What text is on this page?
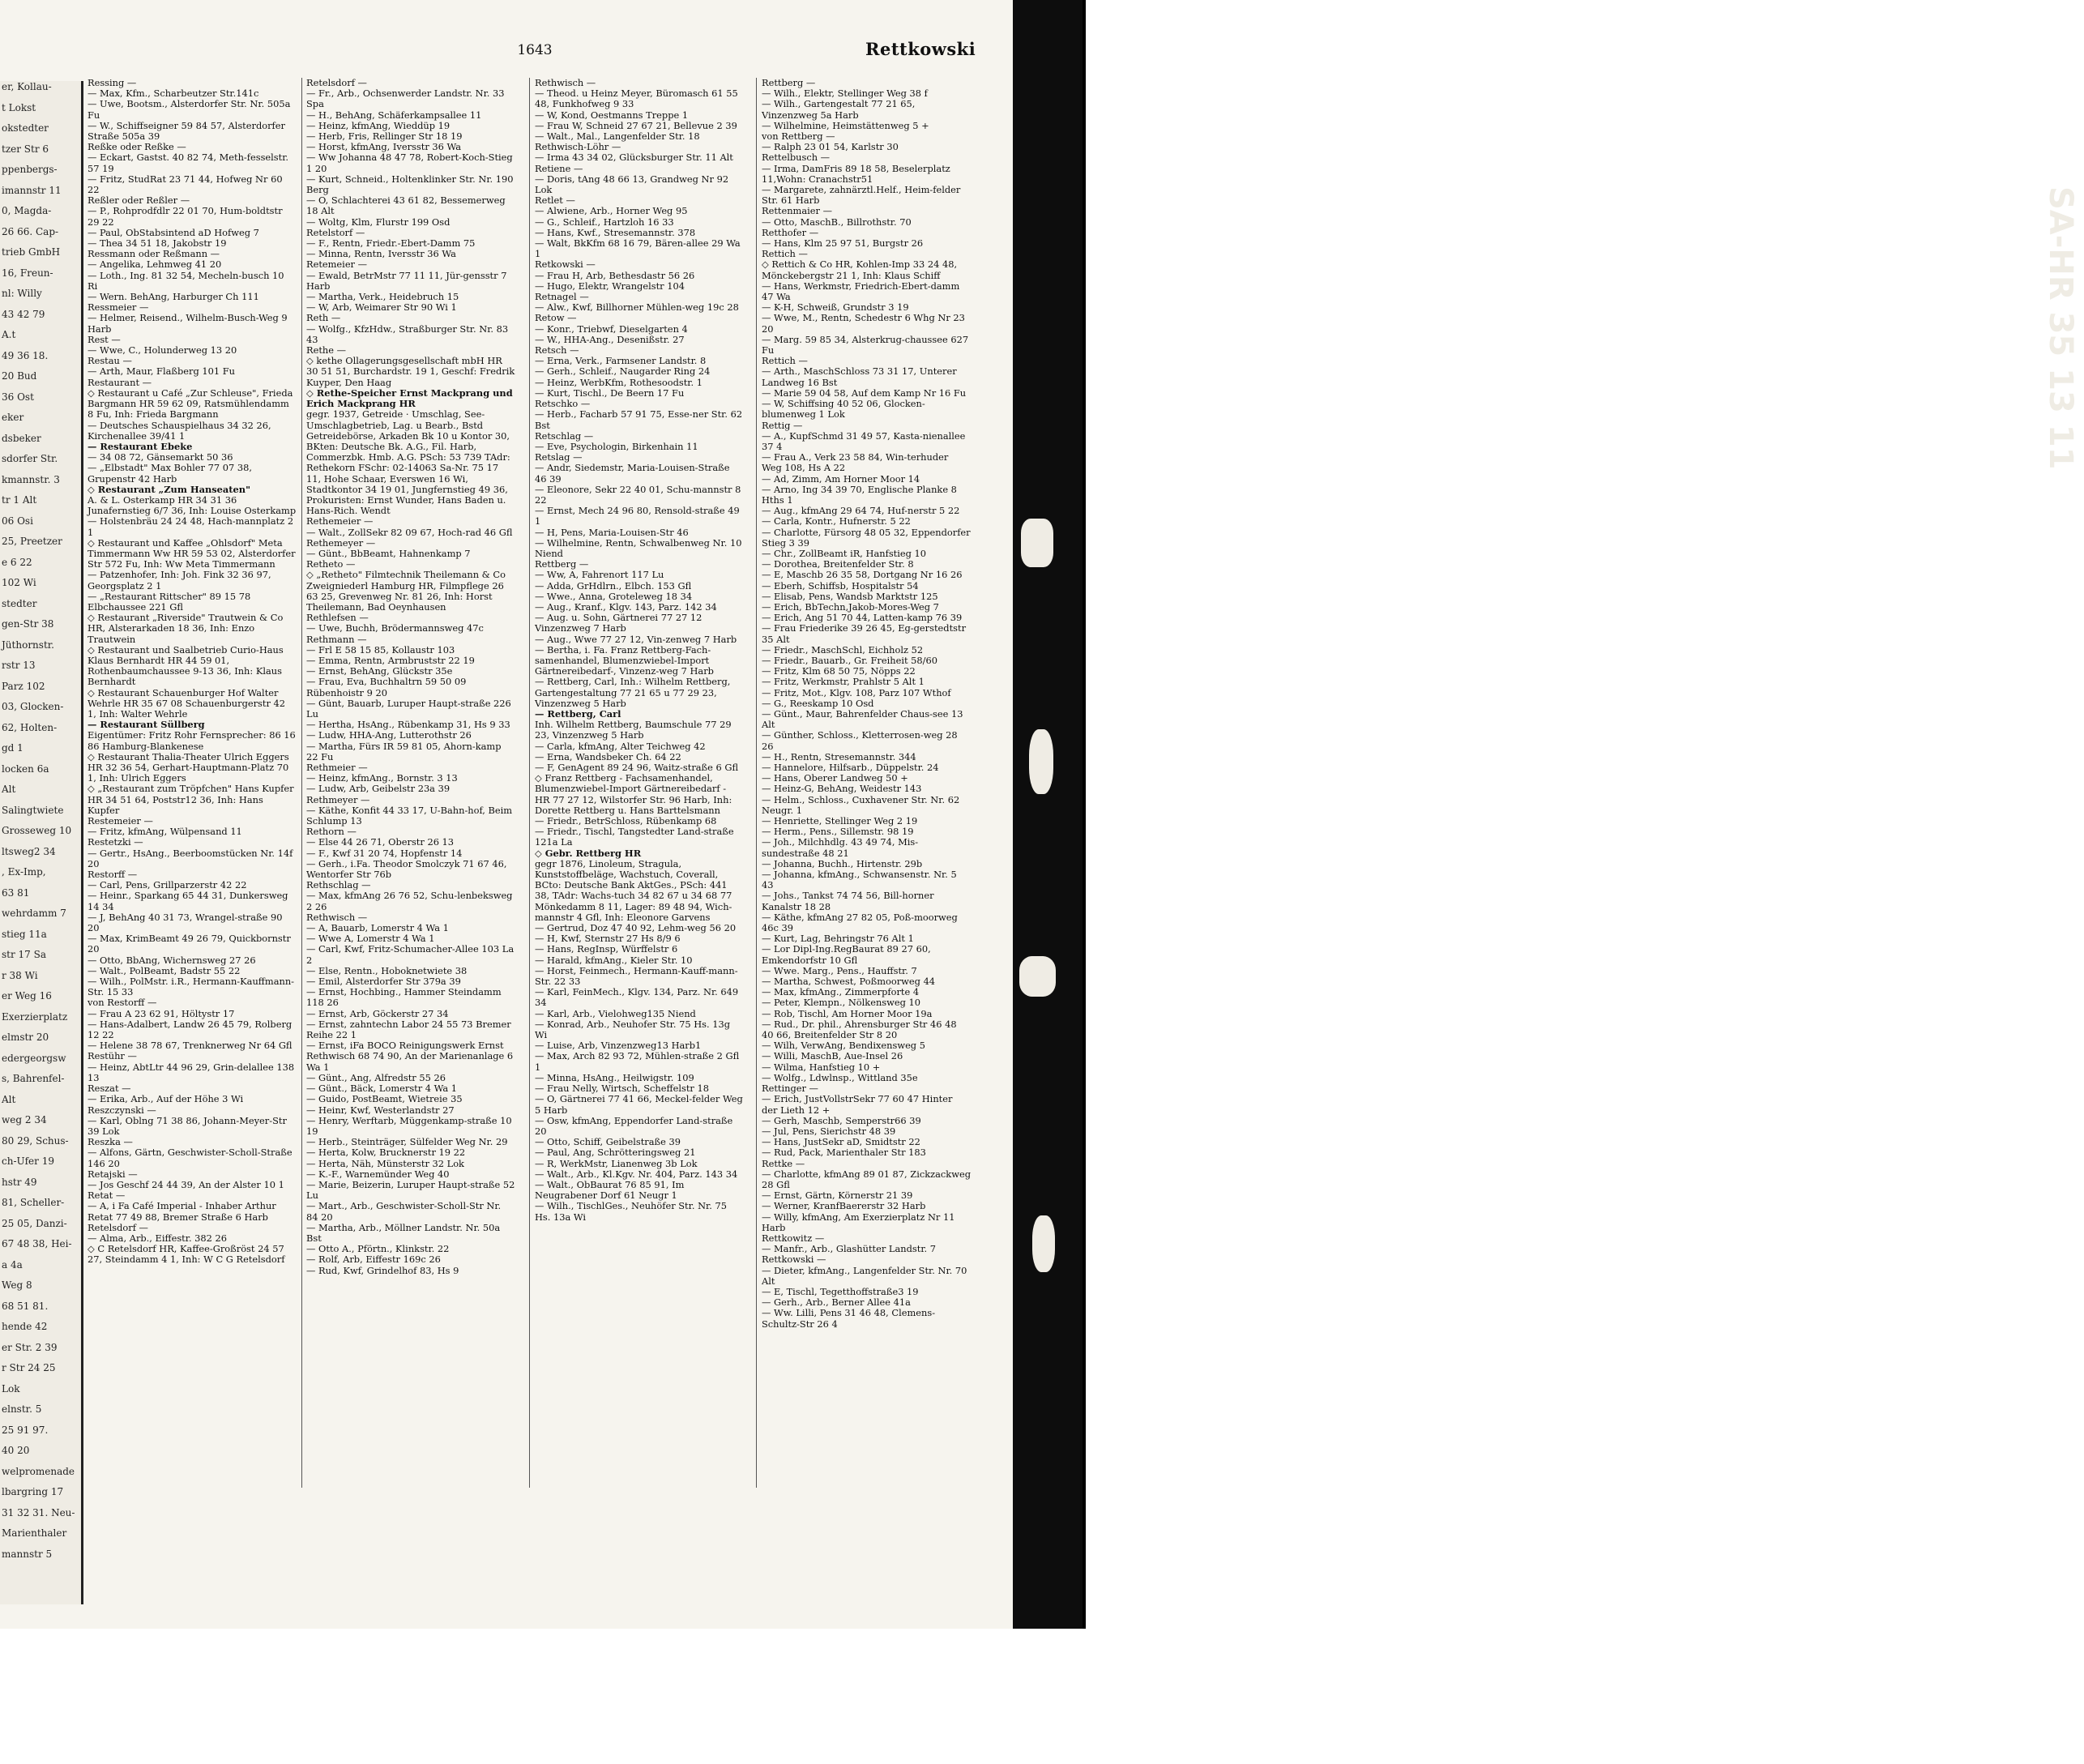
er, Kollau-
t Lokst
okstedter
tzer Str 6
ppenbergs-
imannstr 11
0, Magda-
26 66. Cap-
trieb GmbH
16, Freun-
nl: Willy
43 42 79
A.t
49 36 18.
20 Bud
36 Ost
eker
dsbeker
sdorfer Str.
kmannstr. 3
tr 1 Alt
06 Osi
25, Preetzer
e 6 22
102 Wi
stedter
gen-Str 38
Jüthornstr.
rstr 13
Parz 102
03, Glocken-
62, Holten-
gd 1
locken 6a
Alt
Salingtwiete
Grosseweg 10
ltsweg2 34
, Ex-Imp,
63 81
wehrdamm 7
stieg 11a
str 17 Sa
r 38 Wi
er Weg 16
Exerzierplatz
elmstr 20
edergeorgsw
s, Bahrenfel-
Alt
weg 2 34
80 29, Schus-
ch-Ufer 19
hstr 49
81, Scheller-
25 05, Danzi-
67 48 38, Hei-
a 4a
Weg 8
68 51 81.
hende 42
er Str. 2 39
r Str 24 25
Lok
elnstr. 5
25 91 97.
40 20
welpromenade
lbargring 17
31 32 31. Neu-
Marienthaler
mannstr 5
1643	Rettkowski

Ressing —
— Max, Kfm., Scharbeutzer Str.141c

— Uwe, Bootsm., Alsterdorfer Str. Nr. 505a Fu

— W., Schiffseigner 59 84 57, Alsterdorfer Straße 505a 39

Reßke oder Reßke —
— Eckart, Gastst. 40 82 74, Meth-fesselstr. 57 19

— Fritz, StudRat 23 71 44, Hofweg Nr 60 22

Reßler oder Reßler —
— P., Rohprodfdlr 22 01 70, Hum-boldtstr 29 22

— Paul, ObStabsintend aD Hofweg 7

— Thea 34 51 18, Jakobstr 19

Ressmann oder Reßmann —
— Angelika, Lehmweg 41 20

— Loth., Ing. 81 32 54, Mecheln-busch 10 Ri

— Wern. BehAng, Harburger Ch 111

Ressmeier —
— Helmer, Reisend., Wilhelm-Busch-Weg 9 Harb

Rest —
— Wwe, C., Holunderweg 13 20

Restau —
— Arth, Maur, Flaßberg 101 Fu

Restaurant —
◇ Restaurant u Café „Zur Schleuse", Frieda Bargmann HR 59 62 09, Ratsmühlendamm 8 Fu, Inh: Frieda Bargmann

— Deutsches Schauspielhaus 34 32 26, Kirchenallee 39/41 1

— Restaurant Ebeke

— 34 08 72, Gänsemarkt 50 36

— „Elbstadt" Max Bohler 77 07 38, Grupenstr 42 Harb

◇ Restaurant „Zum Hanseaten"

A. & L. Osterkamp HR 34 31 36 Junafernstieg 6/7 36, Inh: Louise Osterkamp

— Holstenbräu 24 24 48, Hach-mannplatz 2 1

◇ Restaurant und Kaffee „Ohlsdorf" Meta Timmermann Ww HR 59 53 02, Alsterdorfer Str 572 Fu, Inh: Ww Meta Timmermann

— Patzenhofer, Inh: Joh. Fink 32 36 97, Georgsplatz 2 1

— „Restaurant Rittscher" 89 15 78 Elbchaussee 221 Gfl

◇ Restaurant „Riverside" Trautwein & Co HR, Alsterarkaden 18 36, Inh: Enzo Trautwein

◇ Restaurant und Saalbetrieb Curio-Haus Klaus Bernhardt HR 44 59 01, Rothenbaumchaussee 9-13 36, Inh: Klaus Bernhardt

◇ Restaurant Schauenburger Hof Walter Wehrle HR 35 67 08 Schauenburgerstr 42 1, Inh: Walter Wehrle

— Restaurant Süllberg

Eigentümer: Fritz Rohr Fernsprecher: 86 16 86 Hamburg-Blankenese

◇ Restaurant Thalia-Theater Ulrich Eggers HR 32 36 54, Gerhart-Hauptmann-Platz 70 1, Inh: Ulrich Eggers

◇ „Restaurant zum Tröpfchen" Hans Kupfer HR 34 51 64, Poststr12 36, Inh: Hans Kupfer

Restemeier —
— Fritz, kfmAng, Wülpensand 11

Restetzki —
— Gertr., HsAng., Beerboomstücken Nr. 14f 20

Restorff —
— Carl, Pens, Grillparzerstr 42 22

— Heinr., Sparkang 65 44 31, Dunkersweg 14 34

— J, BehAng 40 31 73, Wrangel-straße 90 20

— Max, KrimBeamt 49 26 79, Quickbornstr 20

— Otto, BbAng, Wichernsweg 27 26

— Walt., PolBeamt, Badstr 55 22

— Wilh., PolMstr. i.R., Hermann-Kauffmann-Str. 15 33

von Restorff —
— Frau A 23 62 91, Höltystr 17

— Hans-Adalbert, Landw 26 45 79, Rolberg 12 22

— Helene 38 78 67, Trenknerweg Nr 64 Gfl

Restühr —
— Heinz, AbtLtr 44 96 29, Grin-delallee 138 13

Reszat —
— Erika, Arb., Auf der Höhe 3 Wi

Reszczynski —
— Karl, Oblng 71 38 86, Johann-Meyer-Str 39 Lok

Reszka —
— Alfons, Gärtn, Geschwister-Scholl-Straße 146 20

Retajski —
— Jos Geschf 24 44 39, An der Alster 10 1

Retat —
— A, i Fa Café Imperial - Inhaber Arthur Retat 77 49 88, Bremer Straße 6 Harb

Retelsdorf —
— Alma, Arb., Eiffestr. 382 26

◇ C Retelsdorf HR, Kaffee-Großröst 24 57 27, Steindamm 4 1, Inh: W C G Retelsdorf

Retelsdorf —
— Fr., Arb., Ochsenwerder Landstr. Nr. 33 Spa

— H., BehAng, Schäferkampsallee 11

— Heinz, kfmAng, Wieddüp 19

— Herb, Fris, Rellinger Str 18 19

— Horst, kfmAng, Iversstr 36 Wa

— Ww Johanna 48 47 78, Robert-Koch-Stieg 1 20

— Kurt, Schneid., Holtenklinker Str. Nr. 190 Berg

— O, Schlachterei 43 61 82, Bessemerweg 18 Alt

— Woltg, Klm, Flurstr 199 Osd

Retelstorf —
— F., Rentn, Friedr.-Ebert-Damm 75

— Minna, Rentn, Iversstr 36 Wa

Retemeier —
— Ewald, BetrMstr 77 11 11, Jür-gensstr 7 Harb

— Martha, Verk., Heidebruch 15

— W, Arb, Weimarer Str 90 Wi 1

Reth —
— Wolfg., KfzHdw., Straßburger Str. Nr. 83 43

Rethe —
◇ kethe Ollagerungsgesellschaft mbH HR 30 51 51, Burchardstr. 19 1, Geschf: Fredrik Kuyper, Den Haag

◇ Rethe-Speicher Ernst Mackprang und Erich Mackprang HR

gegr. 1937, Getreide · Umschlag, See-Umschlagbetrieb, Lag. u Bearb., Bstd Getreidebörse, Arkaden Bk 10 u Kontor 30, BKten: Deutsche Bk. A.G., Fil. Harb, Commerzbk. Hmb. A.G. PSch: 53 739 TAdr: Rethekorn FSchr: 02-14063 Sa-Nr. 75 17 11, Hohe Schaar, Everswen 16 Wi, Stadtkontor 34 19 01, Jungfernstieg 49 36, Prokuristen: Ernst Wunder, Hans Baden u. Hans-Rich. Wendt

Rethemeier —
— Walt., ZollSekr 82 09 67, Hoch-rad 46 Gfl

Rethemeyer —
— Günt., BbBeamt, Hahnenkamp 7

Retheto —
◇ „Retheto" Filmtechnik Theilemann & Co Zweigniederl Hamburg HR, Filmpflege 26 63 25, Grevenweg Nr. 81 26, Inh: Horst Theilemann, Bad Oeynhausen

Rethlefsen —
— Uwe, Buchh, Brödermannsweg 47c

Rethmann —
— Frl E 58 15 85, Kollaustr 103

— Emma, Rentn, Armbruststr 22 19

— Ernst, BehAng, Glückstr 35e

— Frau, Eva, Buchhaltrn 59 50 09 Rübenhoistr 9 20

— Günt, Bauarb, Luruper Haupt-straße 226 Lu

— Hertha, HsAng., Rübenkamp 31, Hs 9 33

— Ludw, HHA-Ang, Lutterothstr 26

— Martha, Fürs IR 59 81 05, Ahorn-kamp 22 Fu

Rethmeier —
— Heinz, kfmAng., Bornstr. 3 13

— Ludw, Arb, Geibelstr 23a 39

Rethmeyer —
— Käthe, Konfit 44 33 17, U-Bahn-hof, Beim Schlump 13

Rethorn —
— Else 44 26 71, Oberstr 26 13

— F., Kwf 31 20 74, Hopfenstr 14

— Gerh., i.Fa. Theodor Smolczyk 71 67 46, Wentorfer Str 76b

Rethschlag —
— Max, kfmAng 26 76 52, Schu-lenbeksweg 2 26

Rethwisch —
— A, Bauarb, Lomerstr 4 Wa 1

— Wwe A, Lomerstr 4 Wa 1

— Carl, Kwf, Fritz-Schumacher-Allee 103 La 2

— Else, Rentn., Hoboknetwiete 38

— Emil, Alsterdorfer Str 379a 39

— Ernst, Hochbing., Hammer Steindamm 118 26

— Ernst, Arb, Göckerstr 27 34

— Ernst, zahntechn Labor 24 55 73 Bremer Reihe 22 1

— Ernst, iFa BOCO Reinigungswerk Ernst Rethwisch 68 74 90, An der Marienanlage 6 Wa 1

— Günt., Ang, Alfredstr 55 26

— Günt., Bäck, Lomerstr 4 Wa 1

— Guido, PostBeamt, Wietreie 35

— Heinr, Kwf, Westerlandstr 27

— Henry, Werftarb, Müggenkamp-straße 10 19

— Herb., Steinträger, Sülfelder Weg Nr. 29

— Herta, Kolw, Brucknerstr 19 22

— Herta, Näh, Münsterstr 32 Lok

— K.-F., Warnemünder Weg 40

— Marie, Beizerin, Luruper Haupt-straße 52 Lu

— Mart., Arb., Geschwister-Scholl-Str Nr. 84 20

— Martha, Arb., Möllner Landstr. Nr. 50a Bst

— Otto A., Pförtn., Klinkstr. 22

— Rolf, Arb, Eiffestr 169c 26

— Rud, Kwf, Grindelhof 83, Hs 9

Rethwisch —
— Theod. u Heinz Meyer, Büromasch 61 55 48, Funkhofweg 9 33

— W, Kond, Oestmanns Treppe 1

— Frau W, Schneid 27 67 21, Bellevue 2 39

— Walt., Mal., Langenfelder Str. 18

Rethwisch-Löhr —
— Irma 43 34 02, Glücksburger Str. 11 Alt

Retiene —
— Doris, tAng 48 66 13, Grandweg Nr 92 Lok

Retlet —
— Alwiene, Arb., Horner Weg 95

— G., Schleif., Hartzloh 16 33

— Hans, Kwf., Stresemannstr. 378

— Walt, BkKfm 68 16 79, Bären-allee 29 Wa 1

Retkowski —
— Frau H, Arb, Bethesdastr 56 26

— Hugo, Elektr, Wrangelstr 104

Retnagel —
— Alw., Kwf, Billhorner Mühlen-weg 19c 28

Retow —
— Konr., Triebwf, Dieselgarten 4

— W., HHA-Ang., Desenißstr. 27

Retsch —
— Erna, Verk., Farmsener Landstr. 8

— Gerh., Schleif., Naugarder Ring 24

— Heinz, WerbKfm, Rothesoodstr. 1

— Kurt, Tischl., De Beern 17 Fu

Retschko —
— Herb., Facharb 57 91 75, Esse-ner Str. 62 Bst

Retschlag —
— Eve, Psychologin, Birkenhain 11

Retslag —
— Andr, Siedemstr, Maria-Louisen-Straße 46 39

— Eleonore, Sekr 22 40 01, Schu-mannstr 8 22

— Ernst, Mech 24 96 80, Rensold-straße 49 1

— H, Pens, Maria-Louisen-Str 46

— Wilhelmine, Rentn, Schwalbenweg Nr. 10 Niend

Rettberg —
— Ww, A, Fahrenort 117 Lu

— Adda, GrHdlrn., Elbch. 153 Gfl

— Wwe., Anna, Groteleweg 18 34

— Aug., Kranf., Klgv. 143, Parz. 142 34

— Aug. u. Sohn, Gärtnerei 77 27 12 Vinzenzweg 7 Harb

— Aug., Wwe 77 27 12, Vin-zenweg 7 Harb

— Bertha, i. Fa. Franz Rettberg-Fach-samenhandel, Blumenzwiebel-Import Gärtnereibedarf-, Vinzenz-weg 7 Harb

— Rettberg, Carl, Inh.: Wilhelm Rettberg, Gartengestaltung 77 21 65 u 77 29 23, Vinzenzweg 5 Harb

— Rettberg, Carl

Inh. Wilhelm Rettberg, Baumschule 77 29 23, Vinzenzweg 5 Harb

— Carla, kfmAng, Alter Teichweg 42

— Erna, Wandsbeker Ch. 64 22

— F, GenAgent 89 24 96, Waitz-straße 6 Gfl

◇ Franz Rettberg - Fachsamenhandel, Blumenzwiebel-Import Gärtnereibedarf - HR 77 27 12, Wilstorfer Str. 96 Harb, Inh: Dorette Rettberg u. Hans Barttelsmann

— Friedr., BetrSchloss, Rübenkamp 68

— Friedr., Tischl, Tangstedter Land-straße 121a La

◇ Gebr. Rettberg HR

gegr 1876, Linoleum, Stragula, Kunststoffbeläge, Wachstuch, Coverall, BCto: Deutsche Bank AktGes., PSch: 441 38, TAdr: Wachs-tuch 34 82 67 u 34 68 77 Mönkedamm 8 11, Lager: 89 48 94, Wich-mannstr 4 Gfl, Inh: Eleonore Garvens

— Gertrud, Doz 47 40 92, Lehm-weg 56 20

— H, Kwf, Sternstr 27 Hs 8/9 6

— Hans, RegInsp, Würffelstr 6

— Harald, kfmAng., Kieler Str. 10

— Horst, Feinmech., Hermann-Kauff-mann-Str. 22 33

— Karl, FeinMech., Klgv. 134, Parz. Nr. 649 34

— Karl, Arb., Vielohweg135 Niend

— Konrad, Arb., Neuhofer Str. 75 Hs. 13g Wi

— Luise, Arb, Vinzenzweg13 Harb1

— Max, Arch 82 93 72, Mühlen-straße 2 Gfl 1

— Minna, HsAng., Heilwigstr. 109

— Frau Nelly, Wirtsch, Scheffelstr 18

— O, Gärtnerei 77 41 66, Meckel-felder Weg 5 Harb

— Osw, kfmAng, Eppendorfer Land-straße 20

— Otto, Schiff, Geibelstraße 39

— Paul, Ang, Schrötteringsweg 21

— R, WerkMstr, Lianenweg 3b Lok

— Walt., Arb., Kl.Kgv. Nr. 404, Parz. 143 34

— Walt., ObBaurat 76 85 91, Im Neugrabener Dorf 61 Neugr 1

— Wilh., TischlGes., Neuhöfer Str. Nr. 75 Hs. 13a Wi

Rettberg —
— Wilh., Elektr, Stellinger Weg 38 f

— Wilh., Gartengestalt 77 21 65, Vinzenzweg 5a Harb

— Wilhelmine, Heimstättenweg 5 +

von Rettberg —
— Ralph 23 01 54, Karlstr 30

Rettelbusch —
— Irma, DamFris 89 18 58, Beselerplatz 11,Wohn: Cranachstr51

— Margarete, zahnärztl.Helf., Heim-felder Str. 61 Harb

Rettenmaier —
— Otto, MaschB., Billrothstr. 70

Retthofer —
— Hans, Klm 25 97 51, Burgstr 26

Rettich —
◇ Rettich & Co HR, Kohlen-Imp 33 24 48, Mönckebergstr 21 1, Inh: Klaus Schiff

— Hans, Werkmstr, Friedrich-Ebert-damm 47 Wa

— K-H, Schweiß, Grundstr 3 19

— Wwe, M., Rentn, Schedestr 6 Whg Nr 23 20

— Marg. 59 85 34, Alsterkrug-chaussee 627 Fu

Rettich —
— Arth., MaschSchloss 73 31 17, Unterer Landweg 16 Bst

— Marie 59 04 58, Auf dem Kamp Nr 16 Fu

— W, Schiffsing 40 52 06, Glocken-blumenweg 1 Lok

Rettig —
— A., KupfSchmd 31 49 57, Kasta-nienallee 37 4

— Frau A., Verk 23 58 84, Win-terhuder Weg 108, Hs A 22

— Ad, Zimm, Am Horner Moor 14

— Arno, Ing 34 39 70, Englische Planke 8 Hths 1

— Aug., kfmAng 29 64 74, Huf-nerstr 5 22

— Carla, Kontr., Hufnerstr. 5 22

— Charlotte, Fürsorg 48 05 32, Eppendorfer Stieg 3 39

— Chr., ZollBeamt iR, Hanfstieg 10

— Dorothea, Breitenfelder Str. 8

— E, Maschb 26 35 58, Dortgang Nr 16 26

— Eberh, Schiffsb, Hospitalstr 54

— Elisab, Pens, Wandsb Marktstr 125

— Erich, BbTechn,Jakob-Mores-Weg 7

— Erich, Ang 51 70 44, Latten-kamp 76 39

— Frau Friederike 39 26 45, Eg-gerstedtstr 35 Alt

— Friedr., MaschSchl, Eichholz 52

— Friedr., Bauarb., Gr. Freiheit 58/60

— Fritz, Klm 68 50 75, Nöpps 22

— Fritz, Werkmstr, Prahlstr 5 Alt 1

— Fritz, Mot., Klgv. 108, Parz 107 Wthof

— G., Reeskamp 10 Osd

— Günt., Maur, Bahrenfelder Chaus-see 13 Alt

— Günther, Schloss., Kletterrosen-weg 28 26

— H., Rentn, Stresemannstr. 344

— Hannelore, Hilfsarb., Düppelstr. 24

— Hans, Oberer Landweg 50 +

— Heinz-G, BehAng, Weidestr 143

— Helm., Schloss., Cuxhavener Str. Nr. 62 Neugr. 1

— Henriette, Stellinger Weg 2 19

— Herm., Pens., Sillemstr. 98 19

— Joh., Milchhdlg. 43 49 74, Mis-sundestraße 48 21

— Johanna, Buchh., Hirtenstr. 29b

— Johanna, kfmAng., Schwansenstr. Nr. 5 43

— Johs., Tankst 74 74 56, Bill-horner Kanalstr 18 28

— Käthe, kfmAng 27 82 05, Poß-moorweg 46c 39

— Kurt, Lag, Behringstr 76 Alt 1

— Lor Dipl-Ing.RegBaurat 89 27 60, Emkendorfstr 10 Gfl

— Wwe. Marg., Pens., Hauffstr. 7

— Martha, Schwest, Poßmoorweg 44

— Max, kfmAng., Zimmerpforte 4

— Peter, Klempn., Nölkensweg 10

— Rob, Tischl, Am Horner Moor 19a

— Rud., Dr. phil., Ahrensburger Str 46 48 40 66, Breitenfelder Str 8 20

— Wilh, VerwAng, Bendixensweg 5

— Willi, MaschB, Aue-Insel 26

— Wilma, Hanfstieg 10 +

— Wolfg., Ldwlnsp., Wittland 35e

Rettinger —
— Erich, JustVollstrSekr 77 60 47 Hinter der Lieth 12 +

— Gerh, Maschb, Semperstr66 39

— Jul, Pens, Sierichstr 48 39

— Hans, JustSekr aD, Smidtstr 22

— Rud, Pack, Marienthaler Str 183

Rettke —
— Charlotte, kfmAng 89 01 87, Zickzackweg 28 Gfl

— Ernst, Gärtn, Körnerstr 21 39

— Werner, KranfBaererstr 32 Harb

— Willy, kfmAng, Am Exerzierplatz Nr 11 Harb

Rettkowitz —
— Manfr., Arb., Glashütter Landstr. 7

Rettkowski —
— Dieter, kfmAng., Langenfelder Str. Nr. 70 Alt

— E, Tischl, Tegetthoffstraße3 19

— Gerh., Arb., Berner Allee 41a

— Ww. Lilli, Pens 31 46 48, Clemens-Schultz-Str 26 4

SA-HR 35 13 11
